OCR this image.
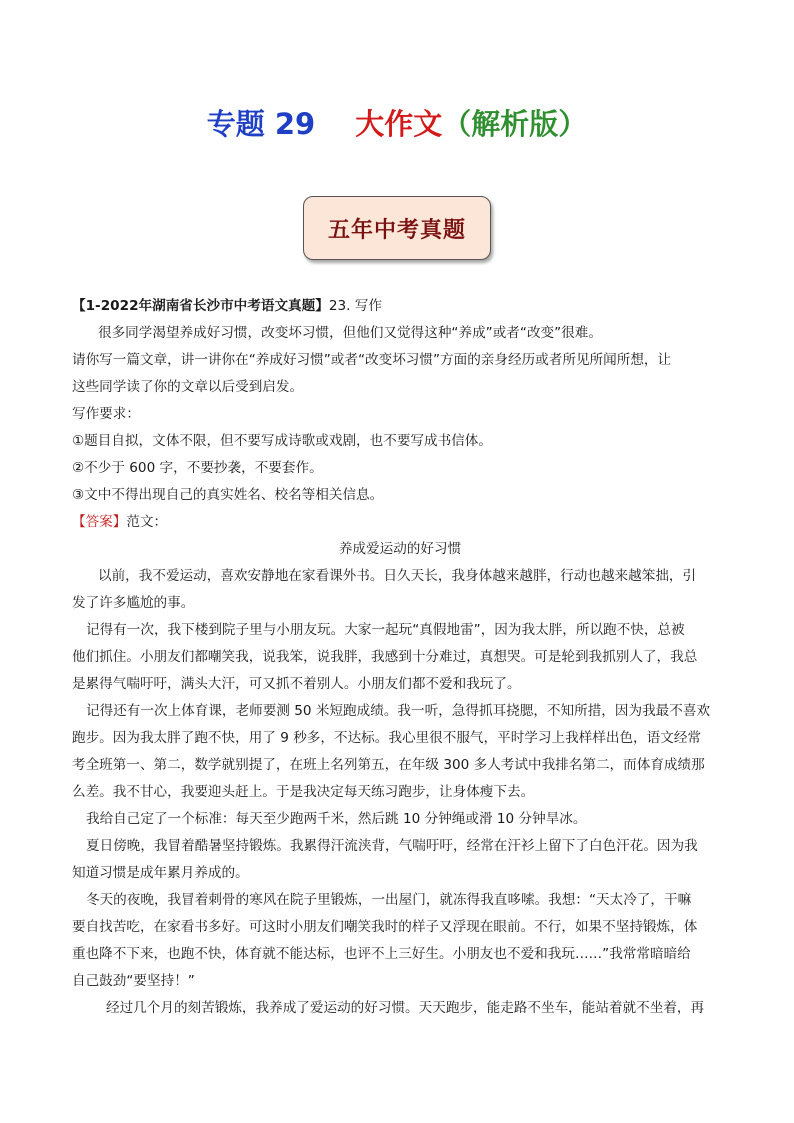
专题 29 大作文（解析版）
五年中考真题
【1-2022年湖南省长沙市中考语文真题】23. 写作
很多同学渴望养成好习惯，改变坏习惯，但他们又觉得这种“养成”或者“改变”很难。
请你写一篇文章，讲一讲你在“养成好习惯”或者“改变坏习惯”方面的亲身经历或者所见所闻所想，让
这些同学读了你的文章以后受到启发。
写作要求：
①题目自拟，文体不限，但不要写成诗歌或戏剧，也不要写成书信体。
②不少于 600 字，不要抄袭，不要套作。
③文中不得出现自己的真实姓名、校名等相关信息。
【答案】范文：
养成爱运动的好习惯
以前，我不爱运动，喜欢安静地在家看课外书。日久天长，我身体越来越胖，行动也越来越笨拙，引
发了许多尴尬的事。
记得有一次，我下楼到院子里与小朋友玩。大家一起玩“真假地雷”，因为我太胖，所以跑不快，总被
他们抓住。小朋友们都嘲笑我，说我笨，说我胖，我感到十分难过，真想哭。可是轮到我抓别人了，我总
是累得气喘吁吁，满头大汗，可又抓不着别人。小朋友们都不爱和我玩了。
记得还有一次上体育课，老师要测 50 米短跑成绩。我一听，急得抓耳挠腮，不知所措，因为我最不喜欢
跑步。因为我太胖了跑不快，用了 9 秒多，不达标。我心里很不服气，平时学习上我样样出色，语文经常
考全班第一、第二，数学就别提了，在班上名列第五，在年级 300 多人考试中我排名第二，而体育成绩那
么差。我不甘心，我要迎头赶上。于是我决定每天练习跑步，让身体瘦下去。
我给自己定了一个标准：每天至少跑两千米，然后跳 10 分钟绳或滑 10 分钟旱冰。
夏日傍晚，我冒着酷暑坚持锻炼。我累得汗流浃背，气喘吁吁，经常在汗衫上留下了白色汗花。因为我
知道习惯是成年累月养成的。
冬天的夜晚，我冒着刺骨的寒风在院子里锻炼，一出屋门，就冻得我直哆嗦。我想：“天太冷了，干嘛
要自找苦吃，在家看书多好。可这时小朋友们嘲笑我时的样子又浮现在眼前。不行，如果不坚持锻炼，体
重也降不下来，也跑不快，体育就不能达标，也评不上三好生。小朋友也不爱和我玩……”我常常暗暗给
自己鼓劲“要坚持！”
经过几个月的刻苦锻炼，我养成了爱运动的好习惯。天天跑步，能走路不坐车，能站着就不坐着，再
